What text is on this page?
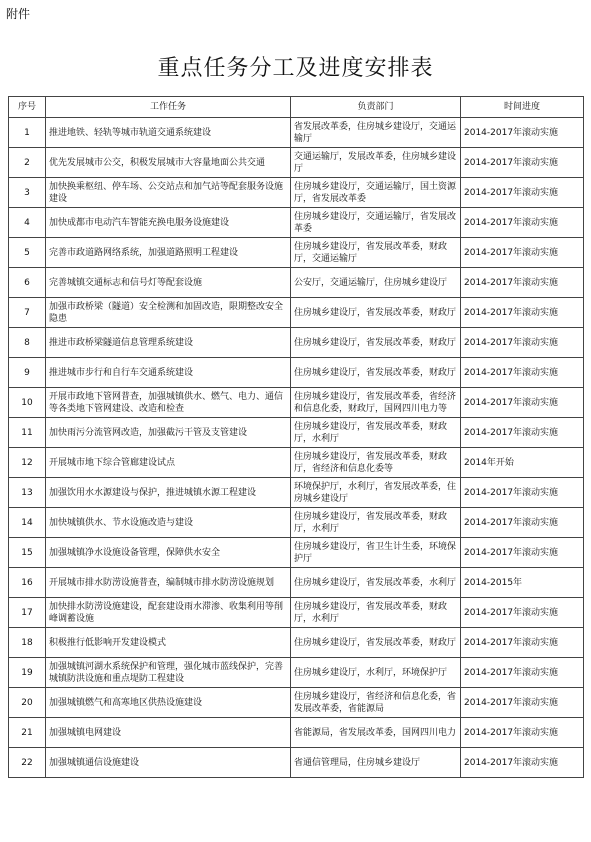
附件
重点任务分工及进度安排表
序号	工作任务	负责部门	时间进度
1	推进地铁、轻轨等城市轨道交通系统建设	省发展改革委，住房城乡建设厅，交通运输厅	2014-2017年滚动实施
2	优先发展城市公交，积极发展城市大容量地面公共交通	交通运输厅，发展改革委，住房城乡建设厅	2014-2017年滚动实施
3	加快换乘枢纽、停车场、公交站点和加气站等配套服务设施建设	住房城乡建设厅，交通运输厅，国土资源厅，省发展改革委	2014-2017年滚动实施
4	加快成都市电动汽车智能充换电服务设施建设	住房城乡建设厅，交通运输厅，省发展改革委	2014-2017年滚动实施
5	完善市政道路网络系统，加强道路照明工程建设	住房城乡建设厅，省发展改革委，财政厅，交通运输厅	2014-2017年滚动实施
6	完善城镇交通标志和信号灯等配套设施	公安厅，交通运输厅，住房城乡建设厅	2014-2017年滚动实施
7	加强市政桥梁（隧道）安全检测和加固改造，限期整改安全隐患	住房城乡建设厅，省发展改革委，财政厅	2014-2017年滚动实施
8	推进市政桥梁隧道信息管理系统建设	住房城乡建设厅，省发展改革委，财政厅	2014-2017年滚动实施
9	推进城市步行和自行车交通系统建设	住房城乡建设厅，省发展改革委，财政厅	2014-2017年滚动实施
10	开展市政地下管网普查，加强城镇供水、燃气、电力、通信等各类地下管网建设、改造和检查	住房城乡建设厅，省发展改革委，省经济和信息化委，财政厅，国网四川电力等	2014-2017年滚动实施
11	加快雨污分流管网改造，加强截污干管及支管建设	住房城乡建设厅，省发展改革委，财政厅，水利厅	2014-2017年滚动实施
12	开展城市地下综合管廊建设试点	住房城乡建设厅，省发展改革委，财政厅，省经济和信息化委等	2014年开始
13	加强饮用水水源建设与保护，推进城镇水源工程建设	环境保护厅，水利厅，省发展改革委，住房城乡建设厅	2014-2017年滚动实施
14	加快城镇供水、节水设施改造与建设	住房城乡建设厅，省发展改革委，财政厅，水利厅	2014-2017年滚动实施
15	加强城镇净水设施设备管理，保障供水安全	住房城乡建设厅，省卫生计生委，环境保护厅	2014-2017年滚动实施
16	开展城市排水防涝设施普查，编制城市排水防涝设施规划	住房城乡建设厅，省发展改革委，水利厅	2014-2015年
17	加快排水防涝设施建设，配套建设雨水滞渗、收集利用等削峰调蓄设施	住房城乡建设厅，省发展改革委，财政厅，水利厅	2014-2017年滚动实施
18	积极推行低影响开发建设模式	住房城乡建设厅，省发展改革委，财政厅	2014-2017年滚动实施
19	加强城镇河湖水系统保护和管理，强化城市蓝线保护，完善城镇防洪设施和重点堤防工程建设	住房城乡建设厅，水利厅，环境保护厅	2014-2017年滚动实施
20	加强城镇燃气和高寒地区供热设施建设	住房城乡建设厅，省经济和信息化委，省发展改革委，省能源局	2014-2017年滚动实施
21	加强城镇电网建设	省能源局，省发展改革委，国网四川电力	2014-2017年滚动实施
22	加强城镇通信设施建设	省通信管理局，住房城乡建设厅	2014-2017年滚动实施
